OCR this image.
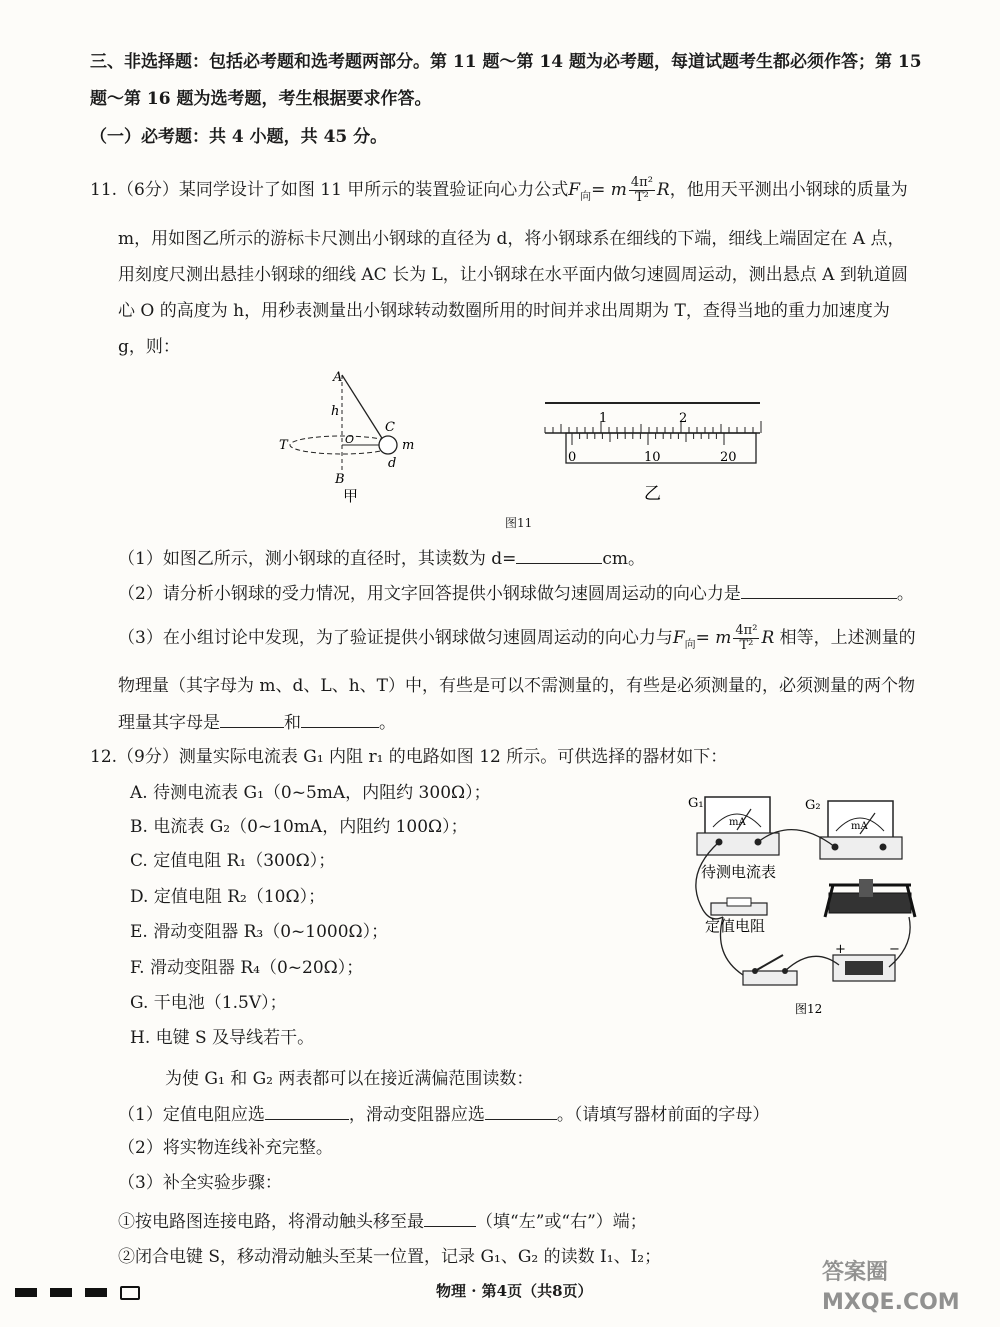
三、非选择题：包括必考题和选考题两部分。第 11 题～第 14 题为必考题，每道试题考生都必须作答；第 15
题～第 16 题为选考题，考生根据要求作答。
（一）必考题：共 4 小题，共 45 分。
11.（6分）某同学设计了如图 11 甲所示的装置验证向心力公式$F_向= m \frac{\text{4π²}}{\text{T²}}$ R，他用天平测出小钢球的质量为
m，用如图乙所示的游标卡尺测出小钢球的直径为 d，将小钢球系在细线的下端，细线上端固定在 A 点，
用刻度尺测出悬挂小钢球的细线 AC 长为 L，让小钢球在水平面内做匀速圆周运动，测出悬点 A 到轨道圆
心 O 的高度为 h，用秒表测量出小钢球转动数圈所用的时间并求出周期为 T，查得当地的重力加速度为
g，则：
A
h
C
T	O	m
d
B
甲
1	2
0	10	20
乙
图11
（1）如图乙所示，测小钢球的直径时，其读数为 d=	cm。
（2）请分析小钢球的受力情况，用文字回答提供小钢球做匀速圆周运动的向心力是	。
（3）在小组讨论中发现，为了验证提供小钢球做匀速圆周运动的向心力与$F_向= m \frac{\text{4π²}}{\text{T²}}$ R 相等，上述测量的
物理量（其字母为 m、d、L、h、T）中，有些是可以不需测量的，有些是必须测量的，必须测量的两个物
理量其字母是	和	。
12.（9分）测量实际电流表 G₁ 内阻 r₁ 的电路如图 12 所示。可供选择的器材如下：
A. 待测电流表 G₁（0~5mA，内阻约 300Ω）；
B. 电流表 G₂（0~10mA，内阻约 100Ω）；
C. 定值电阻 R₁（300Ω）；
D. 定值电阻 R₂（10Ω）；
E. 滑动变阻器 R₃（0~1000Ω）；
F. 滑动变阻器 R₄（0~20Ω）；
G. 干电池（1.5V）；
H. 电键 S 及导线若干。
G₁
mA
G₂
mA
待测电流表
定值电阻
+	−
图12
为使 G₁ 和 G₂ 两表都可以在接近满偏范围读数：
（1）定值电阻应选	，滑动变阻器应选	。（请填写器材前面的字母）
（2）将实物连线补充完整。
（3）补全实验步骤：
①按电路图连接电路，将滑动触头移至最	（填“左”或“右”）端；
②闭合电键 S，移动滑动触头至某一位置，记录 G₁、G₂ 的读数 I₁、I₂；
物理 · 第4页（共8页）
答案圈 MXQE.COM
